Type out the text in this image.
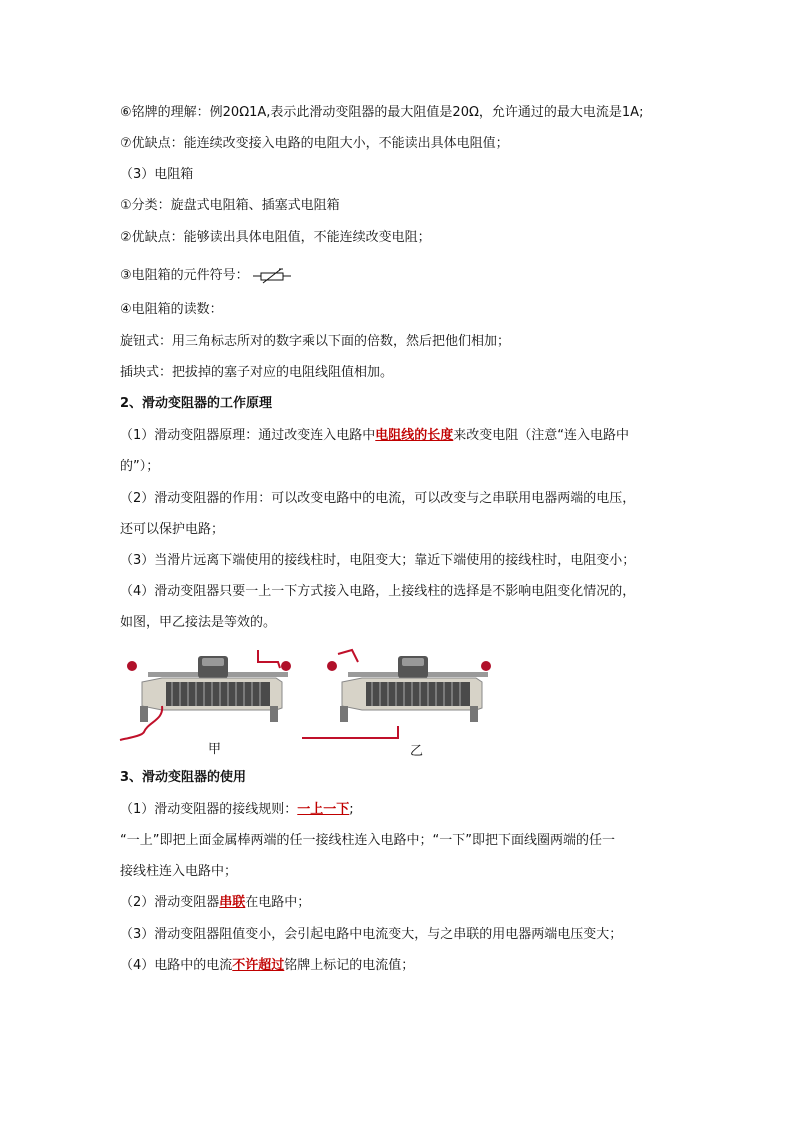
⑥铭牌的理解：例20Ω1A,表示此滑动变阻器的最大阻值是20Ω，允许通过的最大电流是1A;
⑦优缺点：能连续改变接入电路的电阻大小，不能读出具体电阻值；
（3）电阻箱
①分类：旋盘式电阻箱、插塞式电阻箱
②优缺点：能够读出具体电阻值，不能连续改变电阻；
③电阻箱的元件符号：
④电阻箱的读数：
旋钮式：用三角标志所对的数字乘以下面的倍数，然后把他们相加；
插块式：把拔掉的塞子对应的电阻线阻值相加。
2、滑动变阻器的工作原理
（1）滑动变阻器原理：通过改变连入电路中电阻线的长度来改变电阻（注意“连入电路中
的”）；
（2）滑动变阻器的作用：可以改变电路中的电流，可以改变与之串联用电器两端的电压，
还可以保护电路；
（3）当滑片远离下端使用的接线柱时，电阻变大；靠近下端使用的接线柱时，电阻变小；
（4）滑动变阻器只要一上一下方式接入电路，上接线柱的选择是不影响电阻变化情况的，
如图，甲乙接法是等效的。
甲	乙
3、滑动变阻器的使用
（1）滑动变阻器的接线规则：一上一下;
“一上”即把上面金属棒两端的任一接线柱连入电路中；“一下”即把下面线圈两端的任一
接线柱连入电路中；
（2）滑动变阻器串联在电路中；
（3）滑动变阻器阻值变小，会引起电路中电流变大，与之串联的用电器两端电压变大；
（4）电路中的电流不许超过铭牌上标记的电流值；
